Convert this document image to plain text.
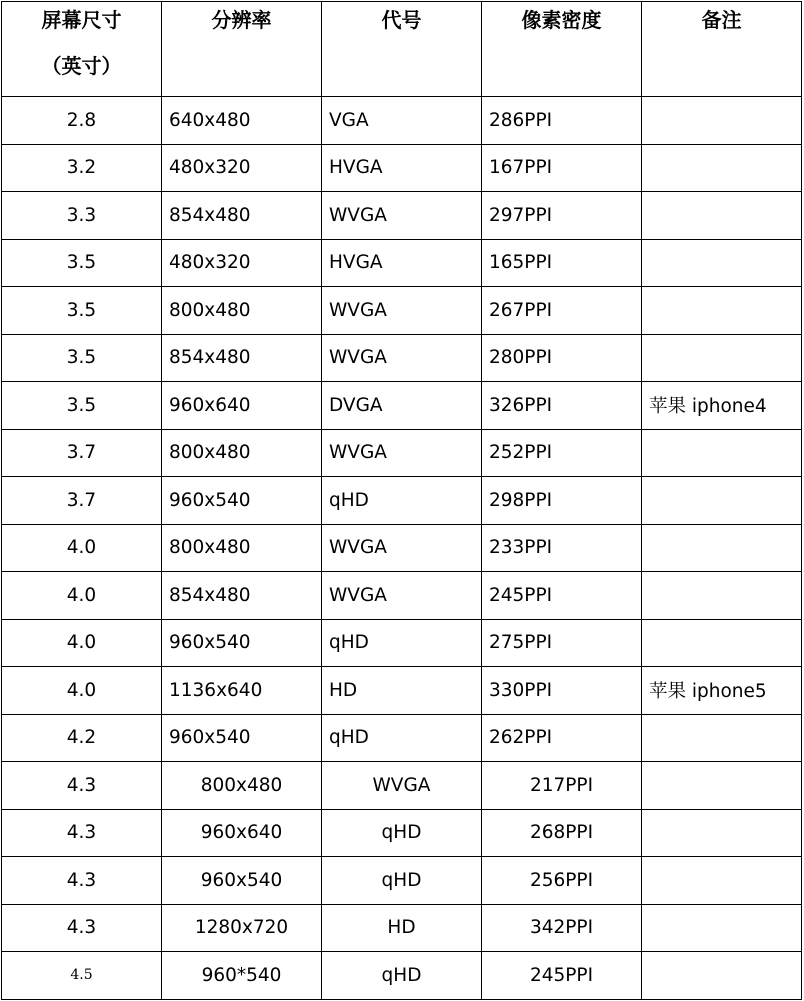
屏幕尺寸
（英寸）	分辨率	代号	像素密度	备注

2.8	640x480	VGA	286PPI	
3.2	480x320	HVGA	167PPI	
3.3	854x480	WVGA	297PPI	
3.5	480x320	HVGA	165PPI	
3.5	800x480	WVGA	267PPI	
3.5	854x480	WVGA	280PPI	
3.5	960x640	DVGA	326PPI	苹果 iphone4
3.7	800x480	WVGA	252PPI	
3.7	960x540	qHD	298PPI	
4.0	800x480	WVGA	233PPI	
4.0	854x480	WVGA	245PPI	
4.0	960x540	qHD	275PPI	
4.0	1136x640	HD	330PPI	苹果 iphone5
4.2	960x540	qHD	262PPI	
4.3	800x480	WVGA	217PPI	
4.3	960x640	qHD	268PPI	
4.3	960x540	qHD	256PPI	
4.3	1280x720	HD	342PPI	
4.5	960*540	qHD	245PPI	
